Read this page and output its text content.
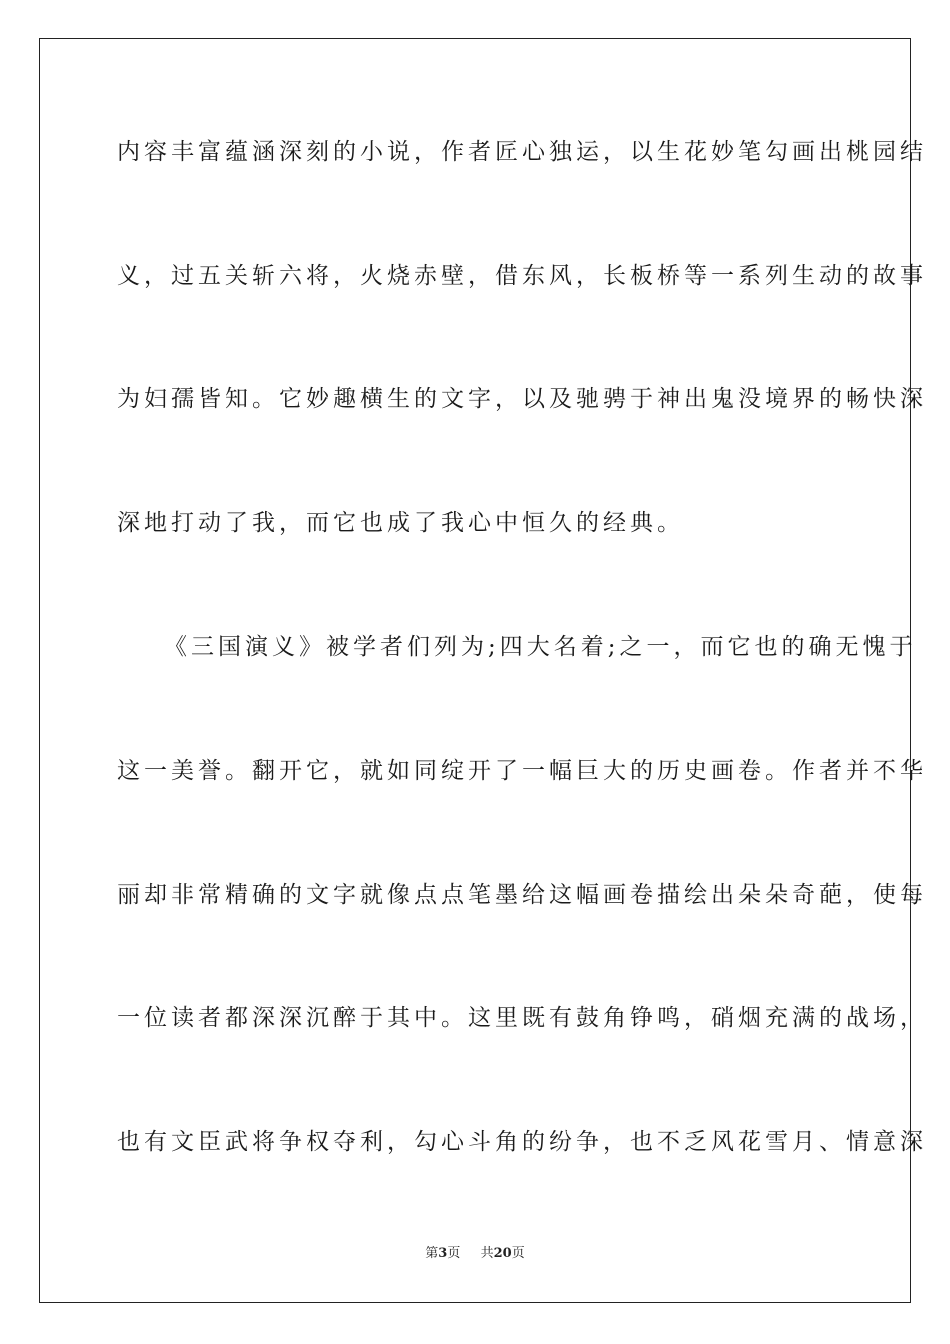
内容丰富蕴涵深刻的小说，作者匠心独运，以生花妙笔勾画出桃园结
义，过五关斩六将，火烧赤壁，借东风，长板桥等一系列生动的故事
为妇孺皆知。它妙趣横生的文字，以及驰骋于神出鬼没境界的畅快深
深地打动了我，而它也成了我心中恒久的经典。
《三国演义》被学者们列为;四大名着;之一，而它也的确无愧于
这一美誉。翻开它，就如同绽开了一幅巨大的历史画卷。作者并不华
丽却非常精确的文字就像点点笔墨给这幅画卷描绘出朵朵奇葩，使每
一位读者都深深沉醉于其中。这里既有鼓角铮鸣，硝烟充满的战场，
也有文臣武将争权夺利，勾心斗角的纷争，也不乏风花雪月、情意深
第3页 共20页
